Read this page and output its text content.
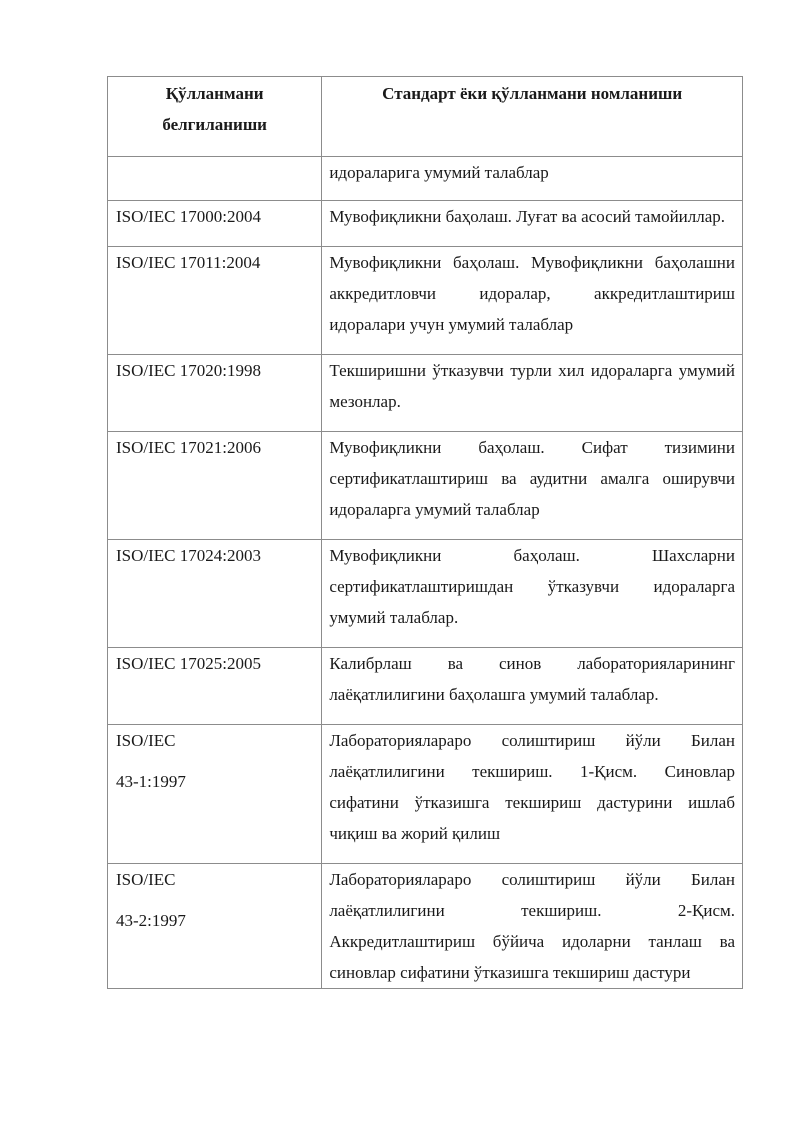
Қўлланмани белгиланиши	Стандарт ёки қўлланмани номланиши
	идораларига умумий талаблар
ISO/IEC 17000:2004	Мувофиқликни баҳолаш. Луғат ва асосий тамойиллар.
ISO/IEC 17011:2004	Мувофиқликни баҳолаш. Мувофиқликни баҳолашни аккредитловчи идоралар, аккредитлаштириш идоралари учун умумий талаблар
ISO/IEC 17020:1998	Текширишни ўтказувчи турли хил идораларга умумий мезонлар.
ISO/IEC 17021:2006	Мувофиқликни баҳолаш. Сифат тизимини сертификатлаштириш ва аудитни амалга оширувчи идораларга умумий талаблар
ISO/IEC 17024:2003	Мувофиқликни баҳолаш. Шахсларни сертификатлаштиришдан ўтказувчи идораларга умумий талаблар.
ISO/IEC 17025:2005	Калибрлаш ва синов лабораторияларининг лаёқатлилигини баҳолашга умумий талаблар.

ISO/IEC
43-1:1997	Лабораториялараро солиштириш йўли Билан лаёқатлилигини текшириш. 1-Қисм. Синовлар сифатини ўтказишга текшириш дастурини ишлаб чиқиш ва жорий қилиш

ISO/IEC
43-2:1997	Лабораториялараро солиштириш йўли Билан лаёқатлилигини текшириш. 2-Қисм. Аккредитлаштириш бўйича идоларни танлаш ва синовлар сифатини ўтказишга текшириш дастури
